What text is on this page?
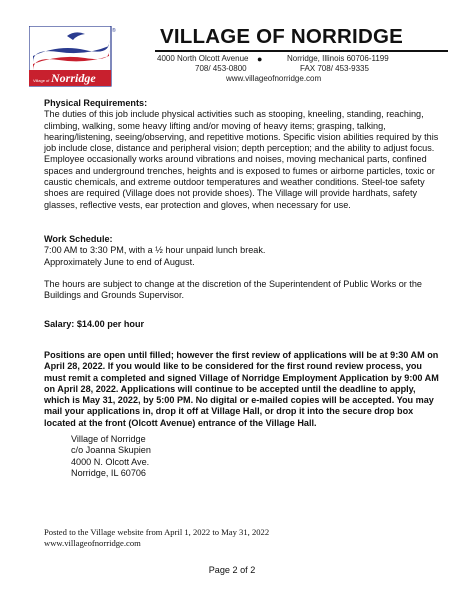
Norridge
Village of
® VILLAGE OF NORRIDGE
4000 North Olcott Avenue ●	Norridge, Illinois 60706-1199
708/ 453-0800	FAX 708/ 453-9335
www.villageofnorridge.com
Physical Requirements:
The duties of this job include physical activities such as stooping, kneeling, standing, reaching, climbing, walking, some heavy lifting and/or moving of heavy items; grasping, talking, hearing/listening, seeing/observing, and repetitive motions. Specific vision abilities required by this job include close, distance and peripheral vision; depth perception; and the ability to adjust focus. Employee occasionally works around vibrations and noises, moving mechanical parts, confined spaces and underground trenches, heights and is exposed to fumes or airborne particles, toxic or caustic chemicals, and extreme outdoor temperatures and weather conditions. Steel-toe safety shoes are required (Village does not provide shoes). The Village will provide hardhats, safety glasses, reflective vests, ear protection and gloves, when necessary for use.
Work Schedule:
7:00 AM to 3:30 PM, with a ½ hour unpaid lunch break.
Approximately June to end of August.
The hours are subject to change at the discretion of the Superintendent of Public Works or the Buildings and Grounds Supervisor.
Salary: $14.00 per hour
Positions are open until filled; however the first review of applications will be at 9:30 AM on April 28, 2022. If you would like to be considered for the first round review process, you must remit a completed and signed Village of Norridge Employment Application by 9:00 AM on April 28, 2022. Applications will continue to be accepted until the deadline to apply, which is May 31, 2022, by 5:00 PM. No digital or e-mailed copies will be accepted. You may mail your applications in, drop it off at Village Hall, or drop it into the secure drop box located at the front (Olcott Avenue) entrance of the Village Hall.
Village of Norridge
c/o Joanna Skupien
4000 N. Olcott Ave.
Norridge, IL 60706
Posted to the Village website from April 1, 2022 to May 31, 2022
www.villageofnorridge.com
Page 2 of 2
